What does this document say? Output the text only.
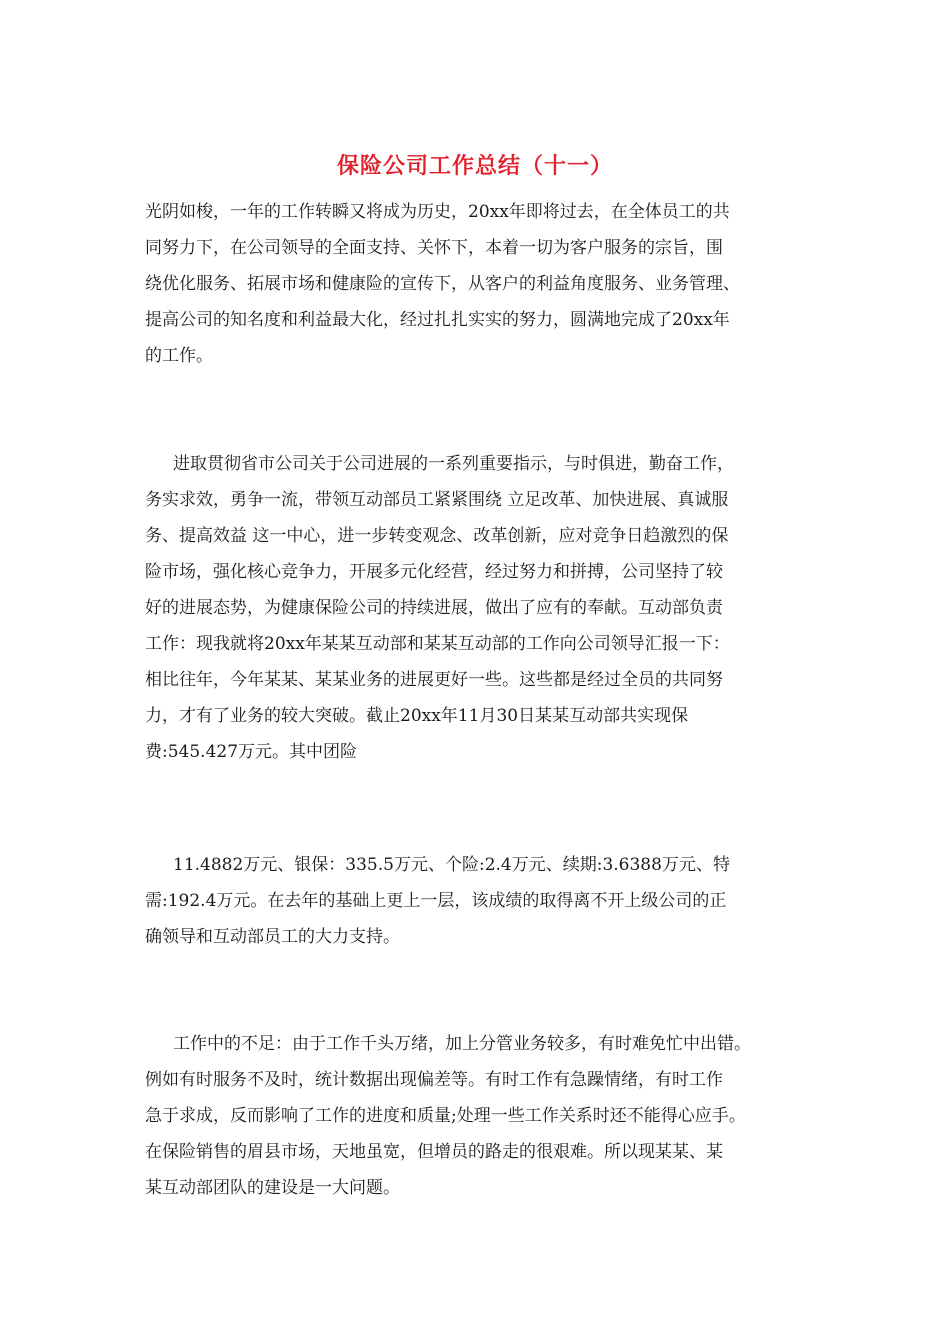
保险公司工作总结（十一）
光阴如梭，一年的工作转瞬又将成为历史，20xx年即将过去，在全体员工的共
同努力下，在公司领导的全面支持、关怀下，本着一切为客户服务的宗旨，围
绕优化服务、拓展市场和健康险的宣传下，从客户的利益角度服务、业务管理、
提高公司的知名度和利益最大化，经过扎扎实实的努力，圆满地完成了20xx年
的工作。
进取贯彻省市公司关于公司进展的一系列重要指示，与时俱进，勤奋工作，
务实求效，勇争一流，带领互动部员工紧紧围绕 立足改革、加快进展、真诚服
务、提高效益 这一中心，进一步转变观念、改革创新，应对竞争日趋激烈的保
险市场，强化核心竞争力，开展多元化经营，经过努力和拼搏，公司坚持了较
好的进展态势，为健康保险公司的持续进展，做出了应有的奉献。互动部负责
工作：现我就将20xx年某某互动部和某某互动部的工作向公司领导汇报一下：
相比往年，今年某某、某某业务的进展更好一些。这些都是经过全员的共同努
力，才有了业务的较大突破。截止20xx年11月30日某某互动部共实现保
费:545.427万元。其中团险
11.4882万元、银保：335.5万元、个险:2.4万元、续期:3.6388万元、特
需:192.4万元。在去年的基础上更上一层，该成绩的取得离不开上级公司的正
确领导和互动部员工的大力支持。
工作中的不足：由于工作千头万绪，加上分管业务较多，有时难免忙中出错。
例如有时服务不及时，统计数据出现偏差等。有时工作有急躁情绪，有时工作
急于求成，反而影响了工作的进度和质量;处理一些工作关系时还不能得心应手。
在保险销售的眉县市场，天地虽宽，但增员的路走的很艰难。所以现某某、某
某互动部团队的建设是一大问题。
